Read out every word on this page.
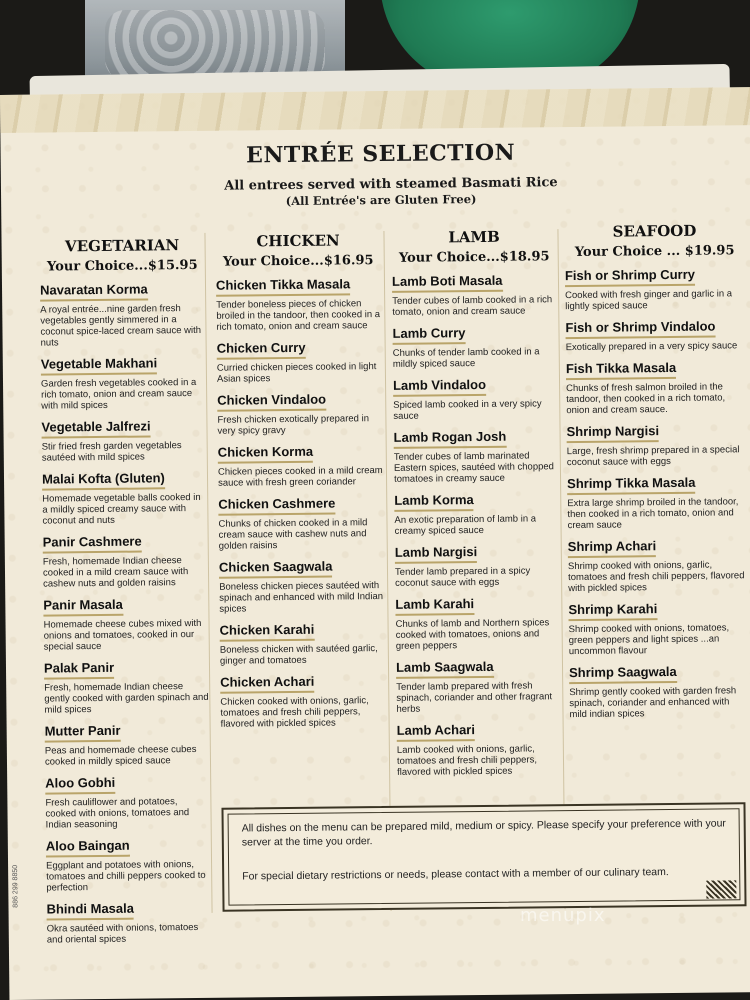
ENTRÉE SELECTION
All entrees served with steamed Basmati Rice
(All Entrée's are Gluten Free)
VEGETARIAN
Your Choice...$15.95
Navaratan Korma
A royal entrée...nine garden fresh vegetables gently simmered in a coconut spice-laced cream sauce with nuts
Vegetable Makhani
Garden fresh vegetables cooked in a rich tomato, onion and cream sauce with mild spices
Vegetable Jalfrezi
Stir fried fresh garden vegetables sautéed with mild spices
Malai Kofta (Gluten)
Homemade vegetable balls cooked in a mildly spiced creamy sauce with coconut and nuts
Panir Cashmere
Fresh, homemade Indian cheese cooked in a mild cream sauce with cashew nuts and golden raisins
Panir Masala
Homemade cheese cubes mixed with onions and tomatoes, cooked in our special sauce
Palak Panir
Fresh, homemade Indian cheese gently cooked with garden spinach and mild spices
Mutter Panir
Peas and homemade cheese cubes cooked in mildly spiced sauce
Aloo Gobhi
Fresh cauliflower and potatoes, cooked with onions, tomatoes and Indian seasoning
Aloo Baingan
Eggplant and potatoes with onions, tomatoes and chilli peppers cooked to perfection
Bhindi Masala
Okra sautéed with onions, tomatoes and oriental spices
CHICKEN
Your Choice...$16.95
Chicken Tikka Masala
Tender boneless pieces of chicken broiled in the tandoor, then cooked in a rich tomato, onion and cream sauce
Chicken Curry
Curried chicken pieces cooked in light Asian spices
Chicken Vindaloo
Fresh chicken exotically prepared in very spicy gravy
Chicken Korma
Chicken pieces cooked in a mild cream sauce with fresh green coriander
Chicken Cashmere
Chunks of chicken cooked in a mild cream sauce with cashew nuts and golden raisins
Chicken Saagwala
Boneless chicken pieces sautéed with spinach and enhanced with mild Indian spices
Chicken Karahi
Boneless chicken with sautéed garlic, ginger and tomatoes
Chicken Achari
Chicken cooked with onions, garlic, tomatoes and fresh chili peppers, flavored with pickled spices
LAMB
Your Choice...$18.95
Lamb Boti Masala
Tender cubes of lamb cooked in a rich tomato, onion and cream sauce
Lamb Curry
Chunks of tender lamb cooked in a mildly spiced sauce
Lamb Vindaloo
Spiced lamb cooked in a very spicy sauce
Lamb Rogan Josh
Tender cubes of lamb marinated Eastern spices, sautéed with chopped tomatoes in creamy sauce
Lamb Korma
An exotic preparation of lamb in a creamy spiced sauce
Lamb Nargisi
Tender lamb prepared in a spicy coconut sauce with eggs
Lamb Karahi
Chunks of lamb and Northern spices cooked with tomatoes, onions and green peppers
Lamb Saagwala
Tender lamb prepared with fresh spinach, coriander and other fragrant herbs
Lamb Achari
Lamb cooked with onions, garlic, tomatoes and fresh chili peppers, flavored with pickled spices
SEAFOOD
Your Choice ... $19.95
Fish or Shrimp Curry
Cooked with fresh ginger and garlic in a lightly spiced sauce
Fish or Shrimp Vindaloo
Exotically prepared in a very spicy sauce
Fish Tikka Masala
Chunks of fresh salmon broiled in the tandoor, then cooked in a rich tomato, onion and cream sauce.
Shrimp Nargisi
Large, fresh shrimp prepared in a special coconut sauce with eggs
Shrimp Tikka Masala
Extra large shrimp broiled in the tandoor, then cooked in a rich tomato, onion and cream sauce
Shrimp Achari
Shrimp cooked with onions, garlic, tomatoes and fresh chili peppers, flavored with pickled spices
Shrimp Karahi
Shrimp cooked with onions, tomatoes, green peppers and light spices ...an uncommon flavour
Shrimp Saagwala
Shrimp gently cooked with garden fresh spinach, coriander and enhanced with mild indian spices
All dishes on the menu can be prepared mild, medium or spicy. Please specify your preference with your server at the time you order.
For special dietary restrictions or needs, please contact with a member of our culinary team.
886 299 8850
menupix
